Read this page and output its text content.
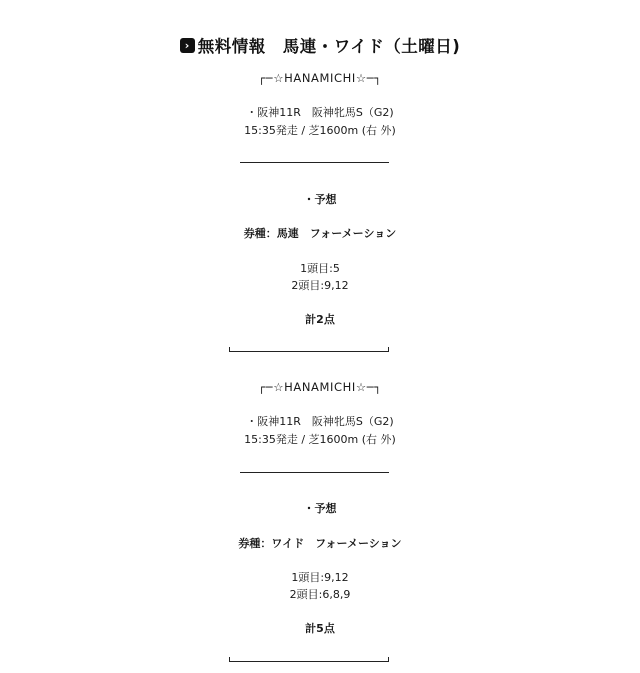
› 無料情報　馬連・ワイド（土曜日)
┌─☆HANAMICHI☆─┐
・阪神11R　阪神牝馬S（G2)
15:35発走 / 芝1600m (右 外)
・予想
券種：馬連　フォーメーション
1頭目:5
2頭目:9,12
計2点
┌─☆HANAMICHI☆─┐
・阪神11R　阪神牝馬S（G2)
15:35発走 / 芝1600m (右 外)
・予想
券種：ワイド　フォーメーション
1頭目:9,12
2頭目:6,8,9
計5点
